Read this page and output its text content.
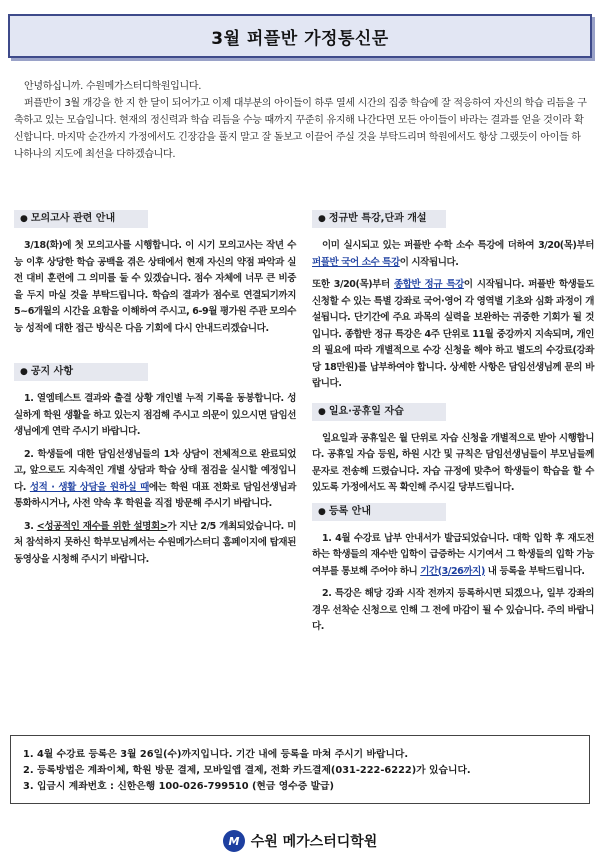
3월 퍼플반 가정통신문

안녕하십니까. 수원메가스터디학원입니다.

퍼플반이 3월 개강을 한 지 한 달이 되어가고 이제 대부분의 아이들이 하루 열세 시간의 집중 학습에 잘 적응하여 자신의 학습 리듬을 구축하고 있는 모습입니다. 현재의 정신력과 학습 리듬을 수능 때까지 꾸준히 유지해 나간다면 모든 아이들이 바라는 결과를 얻을 것이라 확신합니다. 마지막 순간까지 가정에서도 긴장감을 풀지 말고 잘 돌보고 이끌어 주실 것을 부탁드리며 학원에서도 항상 그랬듯이 아이들 하나하나의 지도에 최선을 다하겠습니다.

● 모의고사 관련 안내

3/18(화)에 첫 모의고사를 시행합니다. 이 시기 모의고사는 작년 수능 이후 상당한 학습 공백을 겪은 상태에서 현재 자신의 약점 파악과 실전 대비 훈련에 그 의미를 둘 수 있겠습니다. 점수 자체에 너무 큰 비중을 두지 마실 것을 부탁드립니다. 학습의 결과가 점수로 연결되기까지 5~6개월의 시간을 요함을 이해하여 주시고, 6-9월 평가원 주관 모의수능 성적에 대한 접근 방식은 다음 기회에 다시 안내드리겠습니다.

● 공지 사항

1. 열엠테스트 결과와 출결 상황 개인별 누적 기록을 동봉합니다. 성실하게 학원 생활을 하고 있는지 점검해 주시고 의문이 있으시면 담임선생님에게 연락 주시기 바랍니다.

2. 학생들에 대한 담임선생님들의 1차 상담이 전체적으로 완료되었고, 앞으로도 지속적인 개별 상담과 학습 상태 점검을 실시할 예정입니다. 성적 · 생활 상담을 원하실 때에는 학원 대표 전화로 담임선생님과 통화하시거나, 사전 약속 후 학원을 직접 방문해 주시기 바랍니다.

3. <성공적인 재수를 위한 설명회>가 지난 2/5 개최되었습니다. 미처 참석하지 못하신 학부모님께서는 수원메가스터디 홈페이지에 탑재된 동영상을 시청해 주시기 바랍니다.

● 정규반 특강,단과 개설

이미 실시되고 있는 퍼플반 수학 소수 특강에 더하여 3/20(목)부터 퍼플반 국어 소수 특강이 시작됩니다.

또한 3/20(목)부터 종합반 정규 특강이 시작됩니다. 퍼플반 학생들도 신청할 수 있는 특별 강좌로 국어·영어 각 영역별 기초와 심화 과정이 개설됩니다. 단기간에 주요 과목의 실력을 보완하는 귀중한 기회가 될 것입니다. 종합반 정규 특강은 4주 단위로 11월 중강까지 지속되며, 개인의 필요에 따라 개별적으로 수강 신청을 해야 하고 별도의 수강료(강좌당 18만원)를 납부하여야 합니다. 상세한 사항은 담임선생님께 문의 바랍니다.

● 일요·공휴일 자습

일요일과 공휴일은 월 단위로 자습 신청을 개별적으로 받아 시행합니다. 공휴일 자습 등원, 하원 시간 및 규칙은 담임선생님들이 부모님들께 문자로 전송해 드렸습니다. 자습 규정에 맞추어 학생들이 학습을 할 수 있도록 가정에서도 꼭 확인해 주시길 당부드립니다.

● 등록 안내

1. 4월 수강료 납부 안내서가 발급되었습니다. 대학 입학 후 재도전하는 학생들의 재수반 입학이 급증하는 시기여서 그 학생들의 입학 가능 여부를 통보해 주어야 하니 기간(3/26까지) 내 등록을 부탁드립니다.

2. 특강은 해당 강좌 시작 전까지 등록하시면 되겠으나, 일부 강좌의 경우 선착순 신청으로 인해 그 전에 마감이 될 수 있습니다. 주의 바랍니다.

1. 4월 수강료 등록은 3월 26일(수)까지입니다. 기간 내에 등록을 마쳐 주시기 바랍니다.

2. 등록방법은 계좌이체, 학원 방문 결제, 모바일앱 결제, 전화 카드결제(031-222-6222)가 있습니다.

3. 입금시 계좌번호 : 신한은행 100-026-799510 (현금 영수증 발급)

M 수원 메가스터디학원
